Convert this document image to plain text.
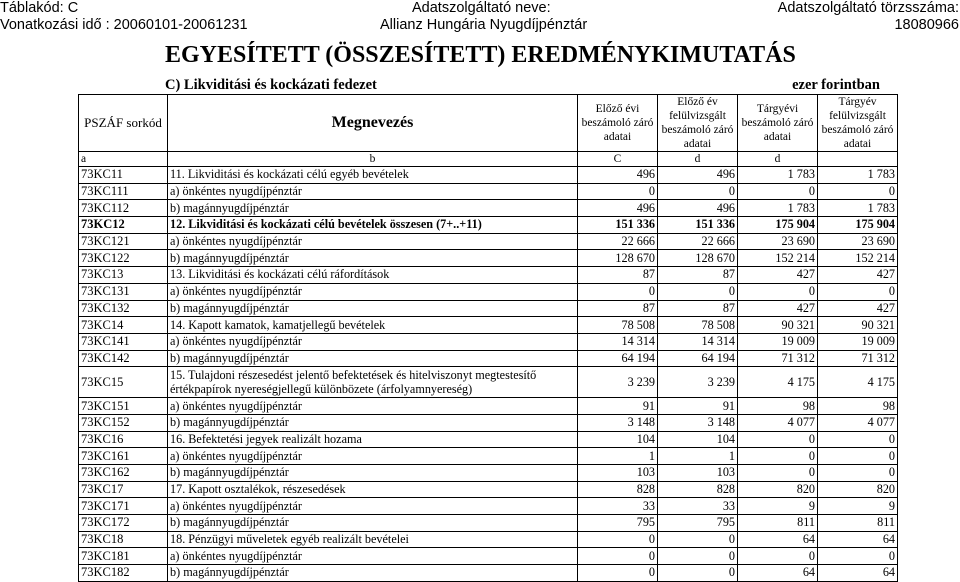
Táblakód: C	Adatszolgáltató neve:	Adatszolgáltató törzsszáma:
Vonatkozási idő : 20060101-20061231	Allianz Hungária Nyugdíjpénztár	18080966
EGYESÍTETT (ÖSSZESÍTETT) EREDMÉNYKIMUTATÁS
C) Likviditási és kockázati fedezet	ezer forintban
PSZÁF sorkód	Megnevezés	Előző évi beszámoló záró adatai	Előző év felülvizsgált beszámoló záró adatai	Tárgyévi beszámoló záró adatai	Tárgyév felülvizsgált beszámoló záró adatai
a	b	C	d	d	
73KC11	11. Likviditási és kockázati célú egyéb bevételek	496	496	1 783	1 783
73KC111	a) önkéntes nyugdíjpénztár	0	0	0	0
73KC112	b) magánnyugdíjpénztár	496	496	1 783	1 783
73KC12	12. Likviditási és kockázati célú bevételek összesen (7+..+11)	151 336	151 336	175 904	175 904
73KC121	a) önkéntes nyugdíjpénztár	22 666	22 666	23 690	23 690
73KC122	b) magánnyugdíjpénztár	128 670	128 670	152 214	152 214
73KC13	13. Likviditási és kockázati célú ráfordítások	87	87	427	427
73KC131	a) önkéntes nyugdíjpénztár	0	0	0	0
73KC132	b) magánnyugdíjpénztár	87	87	427	427
73KC14	14. Kapott kamatok, kamatjellegű bevételek	78 508	78 508	90 321	90 321
73KC141	a) önkéntes nyugdíjpénztár	14 314	14 314	19 009	19 009
73KC142	b) magánnyugdíjpénztár	64 194	64 194	71 312	71 312
73KC15	15. Tulajdoni részesedést jelentő befektetések és hitelviszonyt megtestesítő értékpapírok nyereségjellegű különbözete (árfolyamnyereség)	3 239	3 239	4 175	4 175
73KC151	a) önkéntes nyugdíjpénztár	91	91	98	98
73KC152	b) magánnyugdíjpénztár	3 148	3 148	4 077	4 077
73KC16	16. Befektetési jegyek realizált hozama	104	104	0	0
73KC161	a) önkéntes nyugdíjpénztár	1	1	0	0
73KC162	b) magánnyugdíjpénztár	103	103	0	0
73KC17	17. Kapott osztalékok, részesedések	828	828	820	820
73KC171	a) önkéntes nyugdíjpénztár	33	33	9	9
73KC172	b) magánnyugdíjpénztár	795	795	811	811
73KC18	18. Pénzügyi műveletek egyéb realizált bevételei	0	0	64	64
73KC181	a) önkéntes nyugdíjpénztár	0	0	0	0
73KC182	b) magánnyugdíjpénztár	0	0	64	64
